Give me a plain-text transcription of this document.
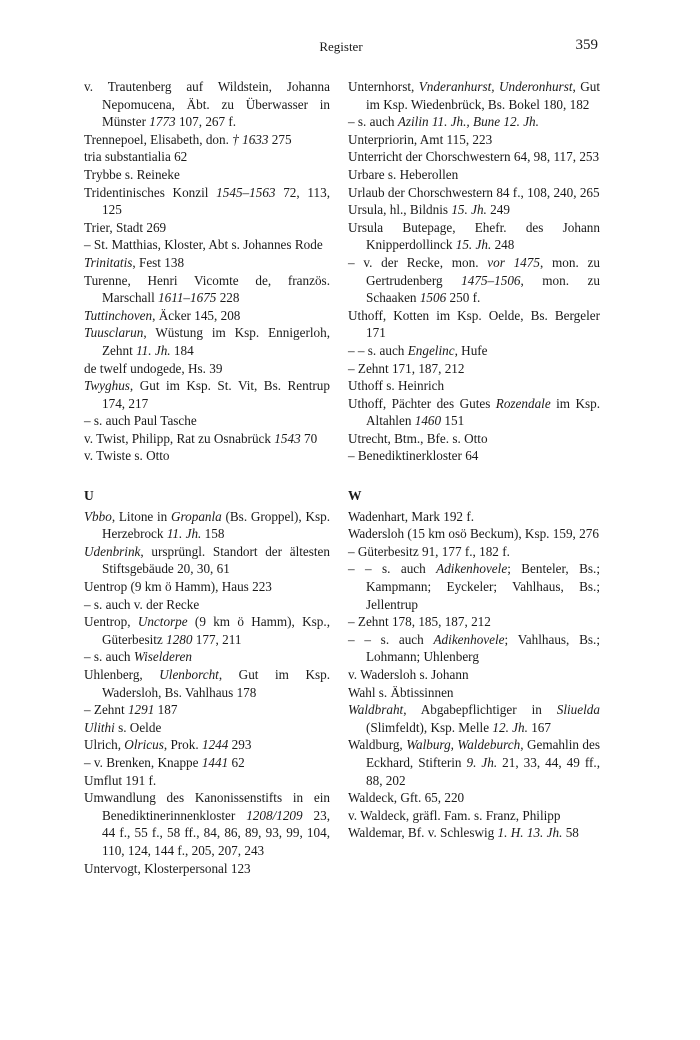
Register	359
v. Trautenberg auf Wildstein, Johanna Nepomucena, Äbt. zu Überwasser in Münster 1773 107, 267 f.
Trennepoel, Elisabeth, don. † 1633 275
tria substantialia 62
Trybbe s. Reineke
Tridentinisches Konzil 1545–1563 72, 113, 125
Trier, Stadt 269
– St. Matthias, Kloster, Abt s. Johannes Rode
Trinitatis, Fest 138
Turenne, Henri Vicomte de, französ. Marschall 1611–1675 228
Tuttinchoven, Äcker 145, 208
Tuusclarun, Wüstung im Ksp. Ennigerloh, Zehnt 11. Jh. 184
de twelf undogede, Hs. 39
Twyghus, Gut im Ksp. St. Vit, Bs. Rentrup 174, 217
– s. auch Paul Tasche
v. Twist, Philipp, Rat zu Osnabrück 1543 70
v. Twiste s. Otto
U
Vbbo, Litone in Gropanla (Bs. Groppel), Ksp. Herzebrock 11. Jh. 158
Udenbrink, ursprüngl. Standort der ältesten Stiftsgebäude 20, 30, 61
Uentrop (9 km ö Hamm), Haus 223
– s. auch v. der Recke
Uentrop, Unctorpe (9 km ö Hamm), Ksp., Güterbesitz 1280 177, 211
– s. auch Wiselderen
Uhlenberg, Ulenborcht, Gut im Ksp. Wadersloh, Bs. Vahlhaus 178
– Zehnt 1291 187
Ulithi s. Oelde
Ulrich, Olricus, Prok. 1244 293
– v. Brenken, Knappe 1441 62
Umflut 191 f.
Umwandlung des Kanonissenstifts in ein Benediktinerinnenkloster 1208/1209 23, 44 f., 55 f., 58 ff., 84, 86, 89, 93, 99, 104, 110, 124, 144 f., 205, 207, 243
Untervogt, Klosterpersonal 123
Unternhorst, Vnderanhurst, Underonhurst, Gut im Ksp. Wiedenbrück, Bs. Bokel 180, 182
– s. auch Azilin 11. Jh., Bune 12. Jh.
Unterpriorin, Amt 115, 223
Unterricht der Chorschwestern 64, 98, 117, 253
Urbare s. Heberollen
Urlaub der Chorschwestern 84 f., 108, 240, 265
Ursula, hl., Bildnis 15. Jh. 249
Ursula Butepage, Ehefr. des Johann Knipperdollinck 15. Jh. 248
– v. der Recke, mon. vor 1475, mon. zu Gertrudenberg 1475–1506, mon. zu Schaaken 1506 250 f.
Uthoff, Kotten im Ksp. Oelde, Bs. Bergeler 171
– – s. auch Engelinc, Hufe
– Zehnt 171, 187, 212
Uthoff s. Heinrich
Uthoff, Pächter des Gutes Rozendale im Ksp. Altahlen 1460 151
Utrecht, Btm., Bfe. s. Otto
– Benediktinerkloster 64
W
Wadenhart, Mark 192 f.
Wadersloh (15 km osö Beckum), Ksp. 159, 276
– Güterbesitz 91, 177 f., 182 f.
– – s. auch Adikenhovele; Benteler, Bs.; Kampmann; Eyckeler; Vahlhaus, Bs.; Jellentrup
– Zehnt 178, 185, 187, 212
– – s. auch Adikenhovele; Vahlhaus, Bs.; Lohmann; Uhlenberg
v. Wadersloh s. Johann
Wahl s. Äbtissinnen
Waldbraht, Abgabepflichtiger in Sliuelda (Slimfeldt), Ksp. Melle 12. Jh. 167
Waldburg, Walburg, Waldeburch, Gemahlin des Eckhard, Stifterin 9. Jh. 21, 33, 44, 49 ff., 88, 202
Waldeck, Gft. 65, 220
v. Waldeck, gräfl. Fam. s. Franz, Philipp
Waldemar, Bf. v. Schleswig 1. H. 13. Jh. 58
